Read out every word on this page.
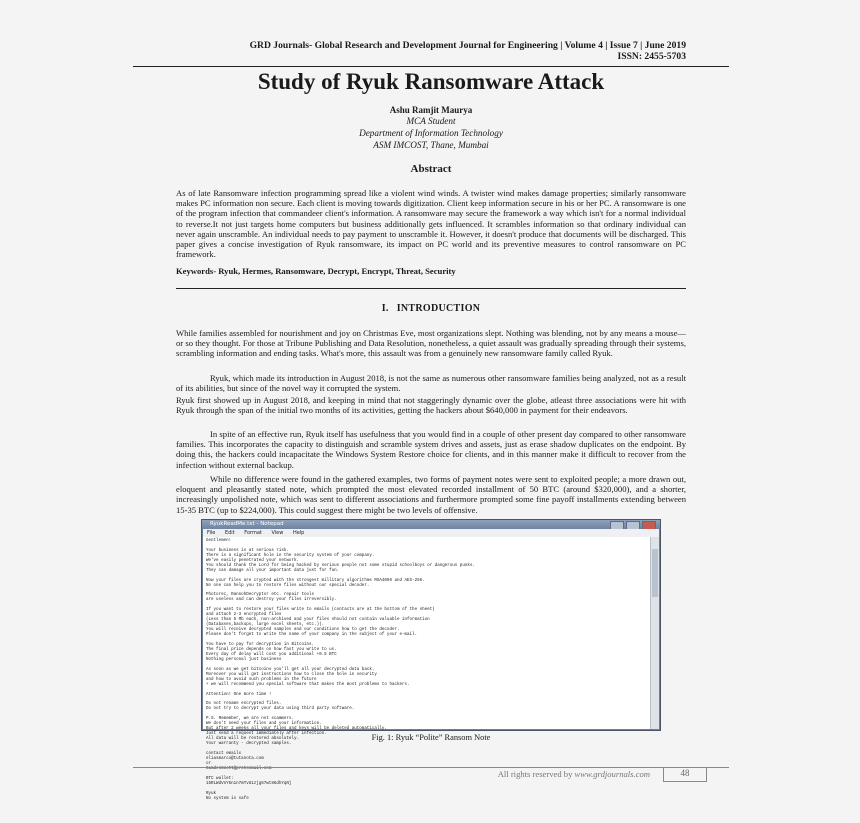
GRD Journals- Global Research and Development Journal for Engineering | Volume 4 | Issue 7 | June 2019
ISSN: 2455-5703
Study of Ryuk Ransomware Attack
Ashu Ramjit Maurya
MCA Student
Department of Information Technology
ASM IMCOST, Thane, Mumbai
Abstract
As of late Ransomware infection programming spread like a violent wind winds. A twister wind makes damage properties; similarly ransomware makes PC information non secure. Each client is moving towards digitization. Client keep information secure in his or her PC. A ransomware is one of the program infection that commandeer client's information. A ransomware may secure the framework a way which isn't for a normal individual to reverse.It not just targets home computers but business additionally gets influenced. It scrambles information so that ordinary individual can never again unscramble. An individual needs to pay payment to unscramble it. However, it doesn't produce that documents will be discharged. This paper gives a concise investigation of Ryuk ransomware, its impact on PC world and its preventive measures to control ransomware on PC framework.
Keywords- Ryuk, Hermes, Ransomware, Decrypt, Encrypt, Threat, Security
I. INTRODUCTION
While families assembled for nourishment and joy on Christmas Eve, most organizations slept. Nothing was blending, not by any means a mouse—or so they thought. For those at Tribune Publishing and Data Resolution, nonetheless, a quiet assault was gradually spreading through their systems, scrambling information and ending tasks. What's more, this assault was from a genuinely new ransomware family called Ryuk.
Ryuk, which made its introduction in August 2018, is not the same as numerous other ransomware families being analyzed, not as a result of its abilities, but since of the novel way it corrupted the system.
Ryuk first showed up in August 2018, and keeping in mind that not staggeringly dynamic over the globe, atleast three associations were hit with Ryuk through the span of the initial two months of its activities, getting the hackers about $640,000 in payment for their endeavors.
In spite of an effective run, Ryuk itself has usefulness that you would find in a couple of other present day compared to other ransomware families. This incorporates the capacity to distinguish and scramble system drives and assets, just as erase shadow duplicates on the endpoint. By doing this, the hackers could incapacitate the Windows System Restore choice for clients, and in this manner make it difficult to recover from the infection without external backup.
While no difference were found in the gathered examples, two forms of payment notes were sent to exploited people; a more drawn out, eloquent and pleasantly stated note, which prompted the most elevated recorded installment of 50 BTC (around $320,000), and a shorter, increasingly unpolished note, which was sent to different associations and furthermore prompted some fine payoff installments extending between 15-35 BTC (up to $224,000). This could suggest there might be two levels of offensive.
RyukReadMe.txt - Notepad
File Edit Format View Help
Gentlemen!

Your business is at serious risk.
There is a significant hole in the security system of your company.
We've easily penetrated your network.
You should thank the Lord for being hacked by serious people not some stupid schoolboys or dangerous punks.
They can damage all your important data just for fun.

Now your files are crypted with the strongest millitary algorithms RSA4096 and AES-256.
No one can help you to restore files without our special decoder.

Photorec, RannohDecryptor etc. repair tools
are useless and can destroy your files irreversibly.

If you want to restore your files write to emails (contacts are at the bottom of the sheet)
and attach 2-3 encrypted files
(Less than 5 Mb each, non-archived and your files should not contain valuable information
(Databases,backups, large excel sheets, etc.)).
You will receive decrypted samples and our conditions how to get the decoder.
Please don't forget to write the name of your company in the subject of your e-mail.

You have to pay for decryption in Bitcoins.
The final price depends on how fast you write to us.
Every day of delay will cost you additional +0.5 BTC
Nothing personal just business

As soon as we get bitcoins you'll get all your decrypted data back.
Moreover you will get instructions how to close the hole in security
and how to avoid such problems in the future
+ we will recommend you special software that makes the most problems to hackers.

Attention! One more time !

Do not rename encrypted files.
Do not try to decrypt your data using third party software.

P.S. Remember, we are not scammers.
We don't need your files and your information.
But after 2 weeks all your files and keys will be deleted automatically.
Just send a request immediately after infection.
All data will be restored absolutely.
Your warranty - decrypted samples.

contact emails
eliasmarco@tutanota.com
or
CamdenScott@protonmail.com

BTC wallet:
15RLWdVnY5n1n7mTvU1zjg67wt86dhYqNj

Ryuk
No system is safe
Fig. 1: Ryuk “Polite” Ransom Note
All rights reserved by www.grdjournals.com	48
